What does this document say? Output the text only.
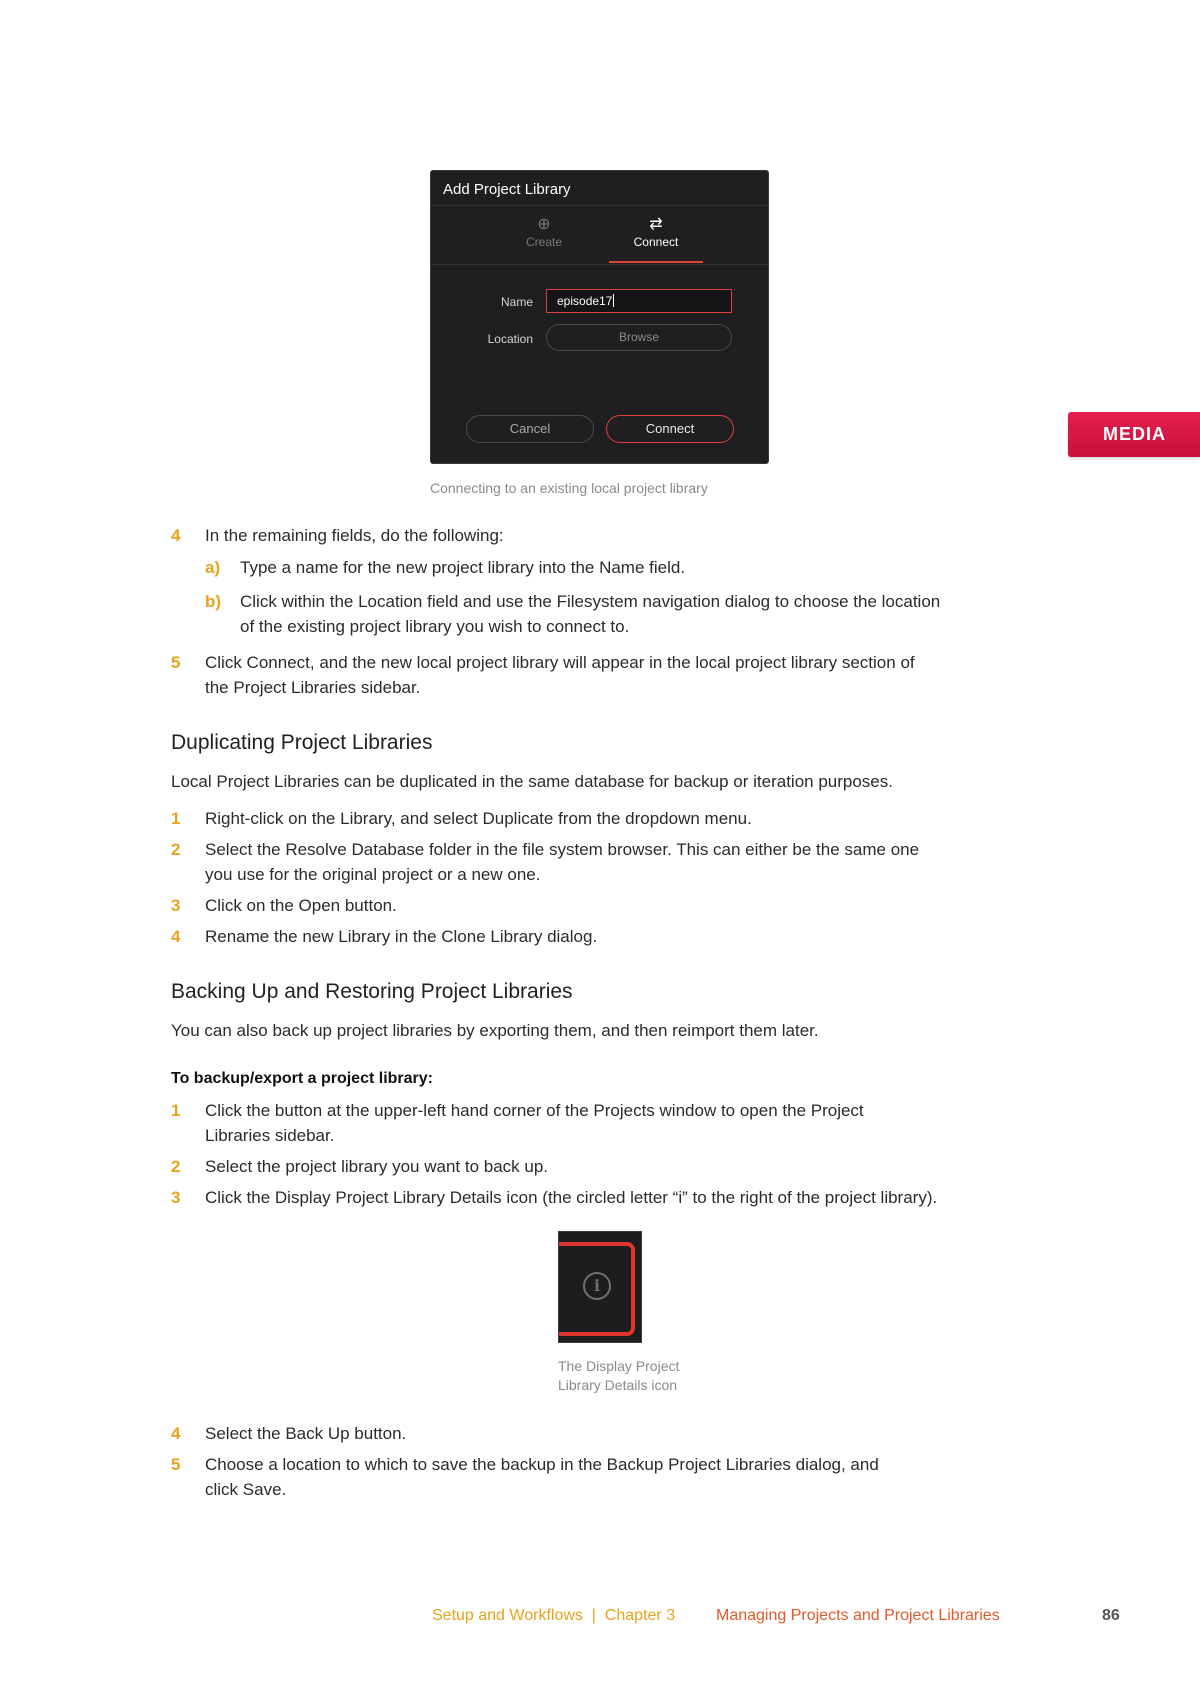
Add Project Library
⊕
Create
⇄
Connect
Name	episode17
Location	Browse
Cancel	Connect
Connecting to an existing local project library
MEDIA
4 In the remaining fields, do the following:
a) Type a name for the new project library into the Name field.
b) Click within the Location field and use the Filesystem navigation dialog to choose the location
of the existing project library you wish to connect to.
5 Click Connect, and the new local project library will appear in the local project library section of
the Project Libraries sidebar.
Duplicating Project Libraries
Local Project Libraries can be duplicated in the same database for backup or iteration purposes.
1 Right-click on the Library, and select Duplicate from the dropdown menu.
2 Select the Resolve Database folder in the file system browser. This can either be the same one
you use for the original project or a new one.
3 Click on the Open button.
4 Rename the new Library in the Clone Library dialog.
Backing Up and Restoring Project Libraries
You can also back up project libraries by exporting them, and then reimport them later.
To backup/export a project library:
1 Click the button at the upper-left hand corner of the Projects window to open the Project
Libraries sidebar.
2 Select the project library you want to back up.
3 Click the Display Project Library Details icon (the circled letter “i” to the right of the project library).
i
The Display Project
Library Details icon
4 Select the Back Up button.
5 Choose a location to which to save the backup in the Backup Project Libraries dialog, and
click Save.
Setup and Workflows  |  Chapter 3	Managing Projects and Project Libraries	86
